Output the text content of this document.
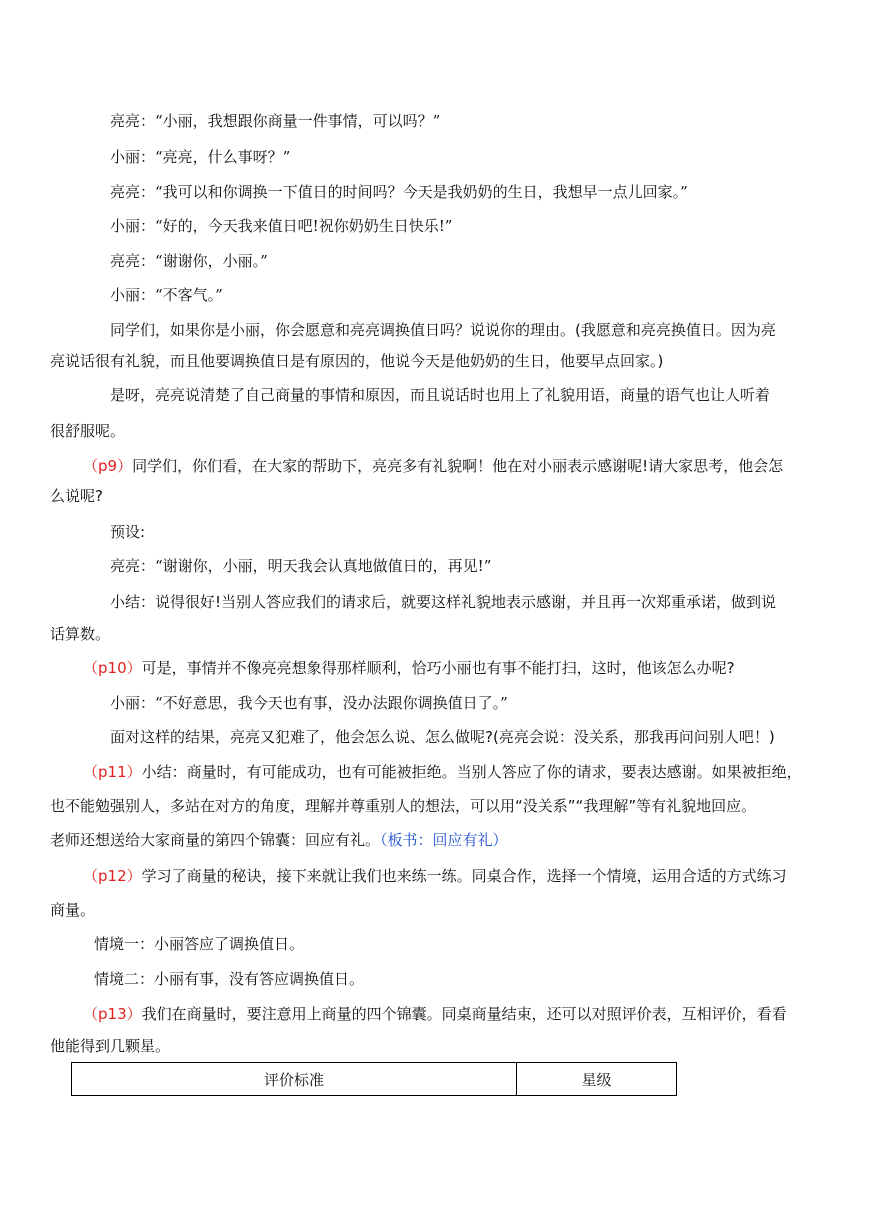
亮亮：“小丽，我想跟你商量一件事情，可以吗？”
小丽：“亮亮，什么事呀？”
亮亮：“我可以和你调换一下值日的时间吗？今天是我奶奶的生日，我想早一点儿回家。”
小丽：“好的，今天我来值日吧!祝你奶奶生日快乐!”
亮亮：“谢谢你，小丽。”
小丽：“不客气。”
同学们，如果你是小丽，你会愿意和亮亮调换值日吗？说说你的理由。(我愿意和亮亮换值日。因为亮
亮说话很有礼貌，而且他要调换值日是有原因的，他说今天是他奶奶的生日，他要早点回家。)
是呀，亮亮说清楚了自己商量的事情和原因，而且说话时也用上了礼貌用语，商量的语气也让人听着
很舒服呢。
（p9）同学们，你们看，在大家的帮助下，亮亮多有礼貌啊！他在对小丽表示感谢呢!请大家思考，他会怎
么说呢?
预设:
亮亮：“谢谢你，小丽，明天我会认真地做值日的，再见!”
小结：说得很好!当别人答应我们的请求后，就要这样礼貌地表示感谢，并且再一次郑重承诺，做到说
话算数。
（p10）可是，事情并不像亮亮想象得那样顺利，恰巧小丽也有事不能打扫，这时，他该怎么办呢?
小丽：“不好意思，我今天也有事，没办法跟你调换值日了。”
面对这样的结果，亮亮又犯难了，他会怎么说、怎么做呢?(亮亮会说：没关系，那我再问问别人吧！)
（p11）小结：商量时，有可能成功，也有可能被拒绝。当别人答应了你的请求，要表达感谢。如果被拒绝，
也不能勉强别人，多站在对方的角度，理解并尊重别人的想法，可以用“没关系”“我理解”等有礼貌地回应。
老师还想送给大家商量的第四个锦囊：回应有礼。（板书：回应有礼）
（p12）学习了商量的秘诀，接下来就让我们也来练一练。同桌合作，选择一个情境，运用合适的方式练习
商量。
情境一：小丽答应了调换值日。
情境二：小丽有事，没有答应调换值日。
（p13）我们在商量时，要注意用上商量的四个锦囊。同桌商量结束，还可以对照评价表，互相评价，看看
他能得到几颗星。
评价标准	星级
